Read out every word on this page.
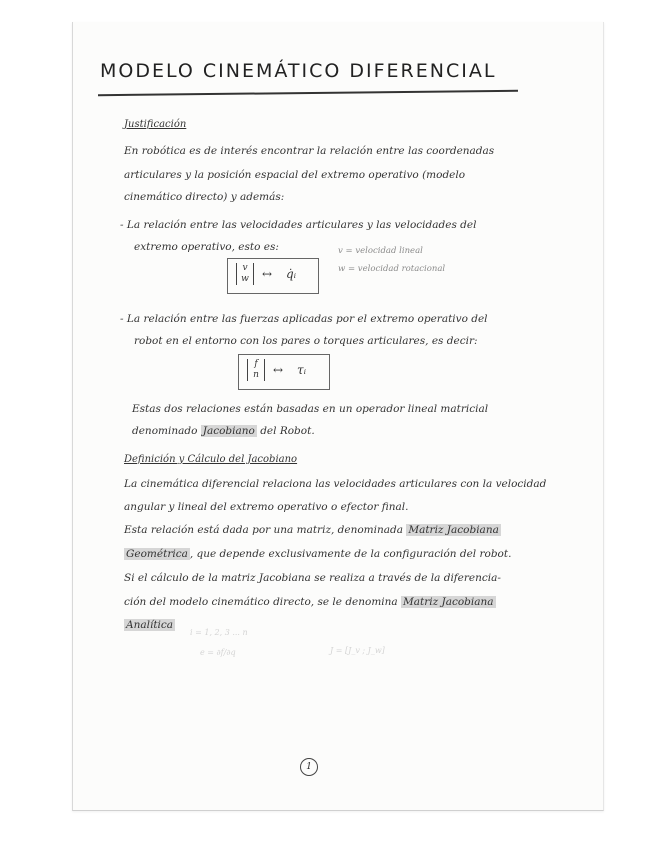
MODELO CINEMÁTICO DIFERENCIAL
Justificación
En robótica es de interés encontrar la relación entre las coordenadas
articulares y la posición espacial del extremo operativo (modelo
cinemático directo) y además:
- La relación entre las velocidades articulares y las velocidades del
extremo operativo, esto es:
v
w	↔ q̇ᵢ
v = velocidad lineal
w = velocidad rotacional
- La relación entre las fuerzas aplicadas por el extremo operativo del
robot en el entorno con los pares o torques articulares, es decir:
f
n	↔ τᵢ
Estas dos relaciones están basadas en un operador lineal matricial
denominado Jacobiano del Robot.
Definición y Cálculo del Jacobiano
La cinemática diferencial relaciona las velocidades articulares con la velocidad
angular y lineal del extremo operativo o efector final.
Esta relación está dada por una matriz, denominada Matriz Jacobiana
Geométrica , que depende exclusivamente de la configuración del robot.
Si el cálculo de la matriz Jacobiana se realiza a través de la diferencia-
ción del modelo cinemático directo, se le denomina Matriz Jacobiana
Analítica
i = 1, 2, 3 ... n
e = ∂f/∂q	J = [J_v ; J_w]
1
